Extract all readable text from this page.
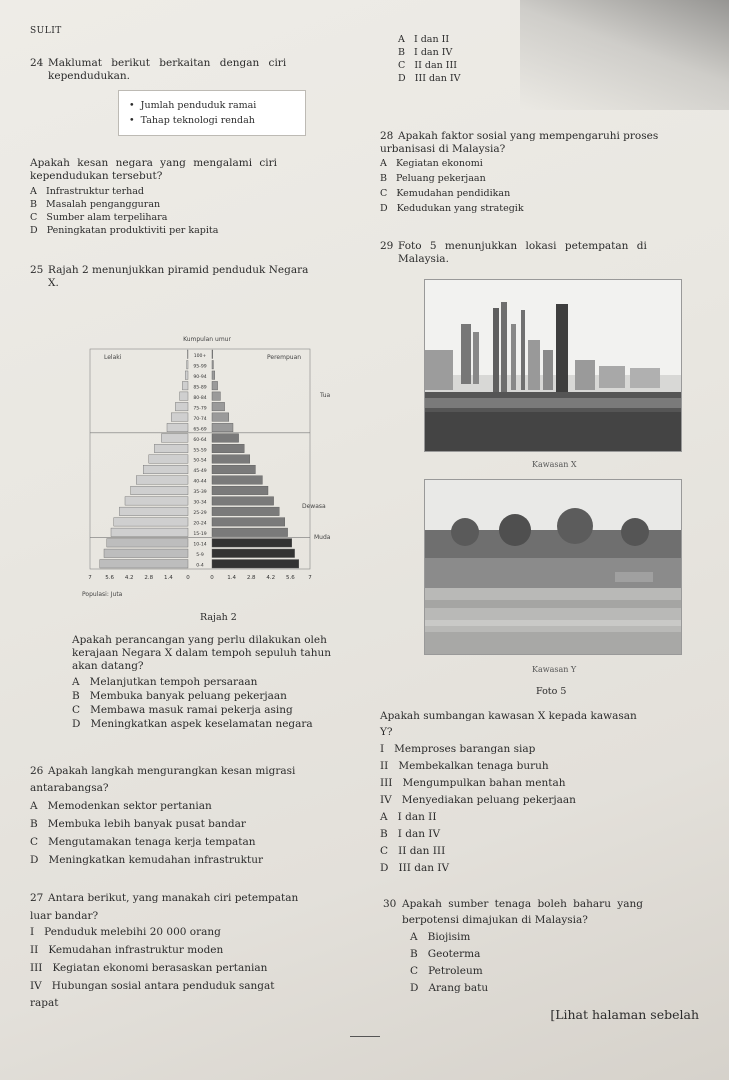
SULIT
24 Maklumat berikut berkaitan dengan ciri
kependudukan.
•  Jumlah penduduk ramai
•  Tahap teknologi rendah
Apakah kesan negara yang mengalami ciri
kependudukan tersebut?
A Infrastruktur terhad
B Masalah pengangguran
C Sumber alam terpelihara
D Peningkatan produktiviti per kapita
25 Rajah 2 menunjukkan piramid penduduk Negara
X.
Kumpulan umur
Lelaki	Perempuan
Tua
Dewasa
Muda
0-4
5-9
10-14
15-19
20-24
25-29
30-34
35-39
40-44
45-49
50-54
55-59
60-64
65-69
70-74
75-79
80-84
85-89
90-94
95-99
100+
7 5.6 4.2 2.8 1.4 0	0 1.4 2.8 4.2 5.6 7
Populasi: Juta
Rajah 2
Apakah perancangan yang perlu dilakukan oleh
kerajaan Negara X dalam tempoh sepuluh tahun
akan datang?
A Melanjutkan tempoh persaraan
B Membuka banyak peluang pekerjaan
C Membawa masuk ramai pekerja asing
D Meningkatkan aspek keselamatan negara
26 Apakah langkah mengurangkan kesan migrasi
antarabangsa?
A Memodenkan sektor pertanian
B Membuka lebih banyak pusat bandar
C Mengutamakan tenaga kerja tempatan
D Meningkatkan kemudahan infrastruktur
27 Antara berikut, yang manakah ciri petempatan
luar bandar?
I Penduduk melebihi 20 000 orang
II Kemudahan infrastruktur moden
III Kegiatan ekonomi berasaskan pertanian
IV Hubungan sosial antara penduduk sangat
rapat
A I dan II
B I dan IV
C II dan III
D III dan IV
28 Apakah faktor sosial yang mempengaruhi proses
urbanisasi di Malaysia?
A Kegiatan ekonomi
B Peluang pekerjaan
C Kemudahan pendidikan
D Kedudukan yang strategik
29 Foto 5 menunjukkan lokasi petempatan di
Malaysia.
Kawasan X
Kawasan Y
Foto 5
Apakah sumbangan kawasan X kepada kawasan
Y?
I Memproses barangan siap
II Membekalkan tenaga buruh
III Mengumpulkan bahan mentah
IV Menyediakan peluang pekerjaan
A I dan II
B I dan IV
C II dan III
D III dan IV
30 Apakah sumber tenaga boleh baharu yang
berpotensi dimajukan di Malaysia?
A Biojisim
B Geoterma
C Petroleum
D Arang batu
[Lihat halaman sebelah
